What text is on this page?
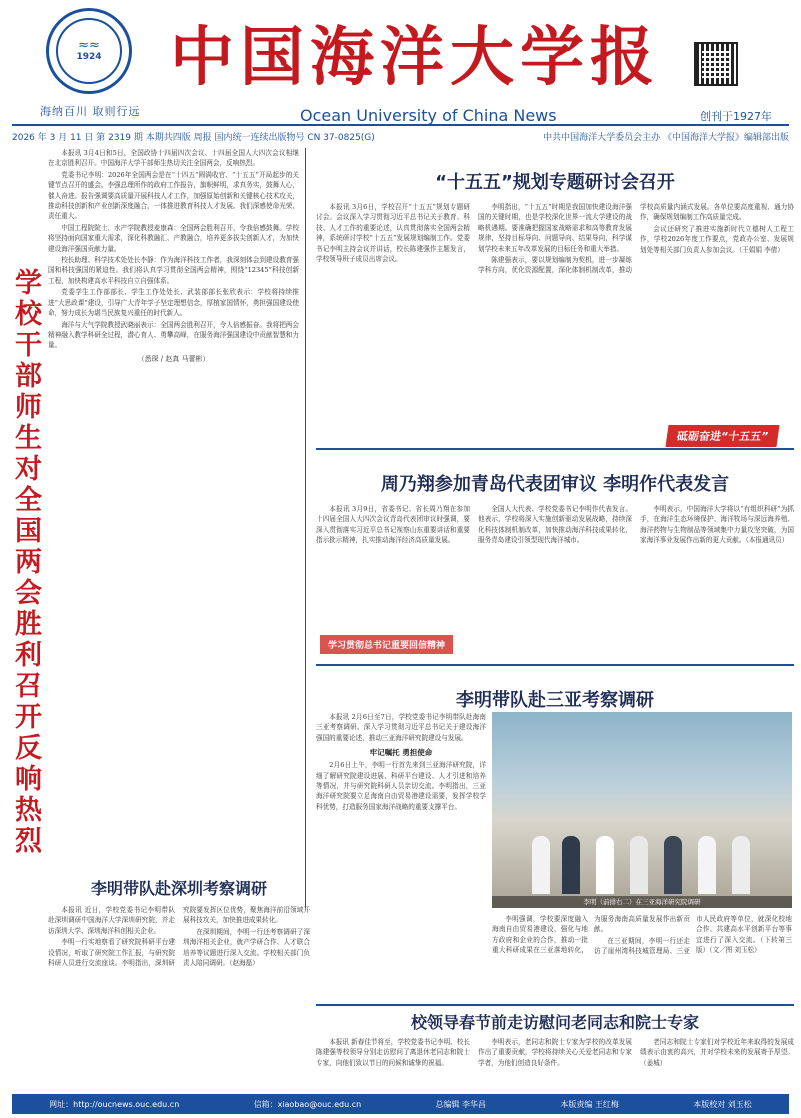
≈≈
1924
海纳百川 取则行远
中国海洋大学报
Ocean University of China News	创刊于1927年
2026 年 3 月 11 日 第 2319 期 本期共四版 周报 国内统一连续出版物号 CN 37-0825(G)	中共中国海洋大学委员会主办 《中国海洋大学报》编辑部出版
学校干部师生对全国两会胜利召开反响热烈

本报讯 3月4日和5日，全国政协十四届四次会议、十四届全国人大四次会议相继在北京胜利召开。中国海洋大学干部师生热切关注全国两会，反响热烈。

党委书记李明：2026年全国两会是在“十四五”圆满收官、“十五五”开局起步的关键节点召开的盛会。李强总理所作的政府工作报告，旗帜鲜明，求真务实，鼓舞人心，催人奋进。报告强调要高质量开展科技人才工作，加强原始创新和关键核心技术攻关，推动科技创新和产业创新深度融合，一体推进教育科技人才发展。我们深感使命光荣、责任重大。

中国工程院院士、水产学院教授麦康森：全国两会胜利召开，令我倍感鼓舞。学校将坚持面向国家重大需求，深化科教融汇、产教融合，培养更多拔尖创新人才，为加快建设海洋强国贡献力量。

校长助理、科学技术处处长李静：作为海洋科技工作者，我深刻体会到建设教育强国和科技强国的紧迫性。我们将认真学习贯彻全国两会精神，围绕“12345”科技创新工程，加快构建高水平科技自立自强体系。

党委学生工作部部长、学生工作处处长、武装部部长张欣表示：学校将持续推进“大思政课”建设，引导广大青年学子坚定理想信念，厚植家国情怀，勇担强国建设使命，努力成长为堪当民族复兴重任的时代新人。

海洋与大气学院教授武晓丽表示：全国两会胜利召开，令人倍感振奋。我将把两会精神融入教学科研全过程，潜心育人、勇攀高峰，在服务海洋强国建设中贡献智慧和力量。

（悉琛 / 赵真 马蕾彬）

“十五五”规划专题研讨会召开

本报讯 3月6日，学校召开“十五五”规划专题研讨会。会议深入学习贯彻习近平总书记关于教育、科技、人才工作的重要论述，认真贯彻落实全国两会精神，系统研讨学校“十五五”发展规划编制工作。党委书记李明主持会议并讲话，校长陈建强作主题发言，学校领导班子成员出席会议。

李明指出，“十五五”时期是我国加快建设海洋强国的关键时期，也是学校深化世界一流大学建设的战略机遇期。要准确把握国家战略需求和高等教育发展规律，坚持目标导向、问题导向、结果导向，科学谋划学校未来五年改革发展的目标任务和重大举措。

陈建强表示，要以规划编制为契机，进一步凝练学科方向，优化资源配置，深化体制机制改革，推动学校高质量内涵式发展。各单位要高度重视、通力协作，确保规划编制工作高质量完成。

会议还研究了推进实施新时代立德树人工程工作，学校2026年度工作要点，党政办公室、发展规划处等相关部门负责人参加会议。（王娟娟 李倩）

砥砺奋进“十五五”
周乃翔参加青岛代表团审议 李明作代表发言

本报讯 3月9日，省委书记、省长周乃翔在参加十四届全国人大四次会议青岛代表团审议时强调，要深入贯彻落实习近平总书记视察山东重要讲话和重要指示批示精神，扎实推动海洋经济高质量发展。

全国人大代表、学校党委书记李明作代表发言。他表示，学校将深入实施创新驱动发展战略，持续深化科技体制机制改革，加快推动海洋科技成果转化，服务青岛建设引领型现代海洋城市。

李明表示，中国海洋大学将以“有组织科研”为抓手，在海洋生态环境保护、海洋牧场与深远海养殖、海洋药物与生物制品等领域集中力量攻坚突破，为国家海洋事业发展作出新的更大贡献。（本报通讯员）

学习贯彻总书记重要回信精神
李明带队赴三亚考察调研

本报讯 2月6日至7日，学校党委书记李明带队赴海南三亚考察调研。深入学习贯彻习近平总书记关于建设海洋强国的重要论述，推动三亚海洋研究院建设与发展。

牢记嘱托 勇担使命

2月6日上午，李明一行首先来到三亚海洋研究院，详细了解研究院建设进展、科研平台建设、人才引进和培养等情况，并与研究院科研人员亲切交流。李明指出，三亚海洋研究院要立足海南自由贸易港建设需要，发挥学校学科优势，打造服务国家海洋战略的重要支撑平台。

李明（前排右二）在三亚海洋研究院调研

李明强调，学校要深度融入海南自由贸易港建设，强化与地方政府和企业的合作，推动一批重大科研成果在三亚落地转化，为服务海南高质量发展作出新贡献。

在三亚期间，李明一行还走访了崖州湾科技城管理局、三亚市人民政府等单位，就深化校地合作、共建高水平创新平台等事宜进行了深入交流。（下转第三版）（文／图 刘玉松）

李明带队赴深圳考察调研

本报讯 近日，学校党委书记李明带队赴深圳调研中国海洋大学深圳研究院，并走访深圳大学、深圳海洋科创相关企业。

李明一行实地察看了研究院科研平台建设情况，听取了研究院工作汇报，与研究院科研人员进行交流座谈。李明指出，深圳研究院要发挥区位优势，聚焦海洋前沿领域开展科技攻关，加快推进成果转化。

在深圳期间，李明一行还考察调研了深圳海洋相关企业，就产学研合作、人才联合培养等议题进行深入交流。学校相关部门负责人陪同调研。（赵海磊）

校领导春节前走访慰问老同志和院士专家

本报讯 新春佳节将至，学校党委书记李明、校长陈建强等校领导分别走访慰问了离退休老同志和院士专家，向他们致以节日的问候和诚挚的祝福。

李明表示，老同志和院士专家为学校的改革发展作出了重要贡献，学校将持续关心关爱老同志和专家学者，为他们创造良好条件。

老同志和院士专家们对学校近年来取得的发展成绩表示由衷的高兴，并对学校未来的发展寄予厚望。（姜城）

网址：http://oucnews.ouc.edu.cn	信箱：xiaobao@ouc.edu.cn	总编辑 李华昌	本版责编 王红梅	本版校对 刘玉松
